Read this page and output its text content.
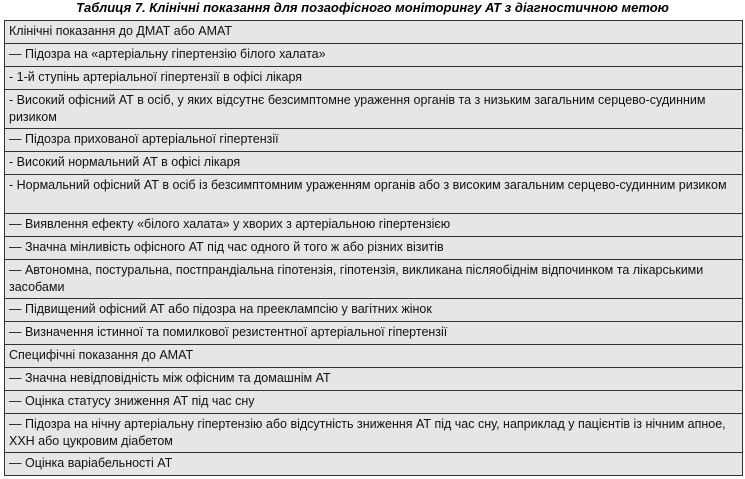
Таблиця 7. Клінічні показання для позаофісного моніторингу АТ з діагностичною метою
Клінічні показання до ДМАТ або АМАТ
— Підозра на «артеріальну гіпертензію білого халата»
- 1-й ступінь артеріальної гіпертензії в офісі лікаря
- Високий офісний АТ в осіб, у яких відсутнє безсимптомне ураження органів та з низьким загальним серцево-судинним ризиком
— Підозра прихованої артеріальної гіпертензії
- Високий нормальний АТ в офісі лікаря
- Нормальний офісний АТ в осіб із безсимптомним ураженням органів або з високим загальним серцево-судинним ризиком
— Виявлення ефекту «білого халата» у хворих з артеріальною гіпертензією
— Значна мінливість офісного АТ під час одного й того ж або різних візитів
— Автономна, постуральна, постпрандіальна гіпотензія, гіпотензія, викликана післяобіднім відпочинком та лікарськими засобами
— Підвищений офісний АТ або підозра на прееклампсію у вагітних жінок
— Визначення істинної та помилкової резистентної артеріальної гіпертензії
Специфічні показання до АМАТ
— Значна невідповідність між офісним та домашнім АТ
— Оцінка статусу зниження АТ під час сну
— Підозра на нічну артеріальну гіпертензію або відсутність зниження АТ під час сну, наприклад у пацієнтів із нічним апное, ХХН або цукровим діабетом
— Оцінка варіабельності АТ
